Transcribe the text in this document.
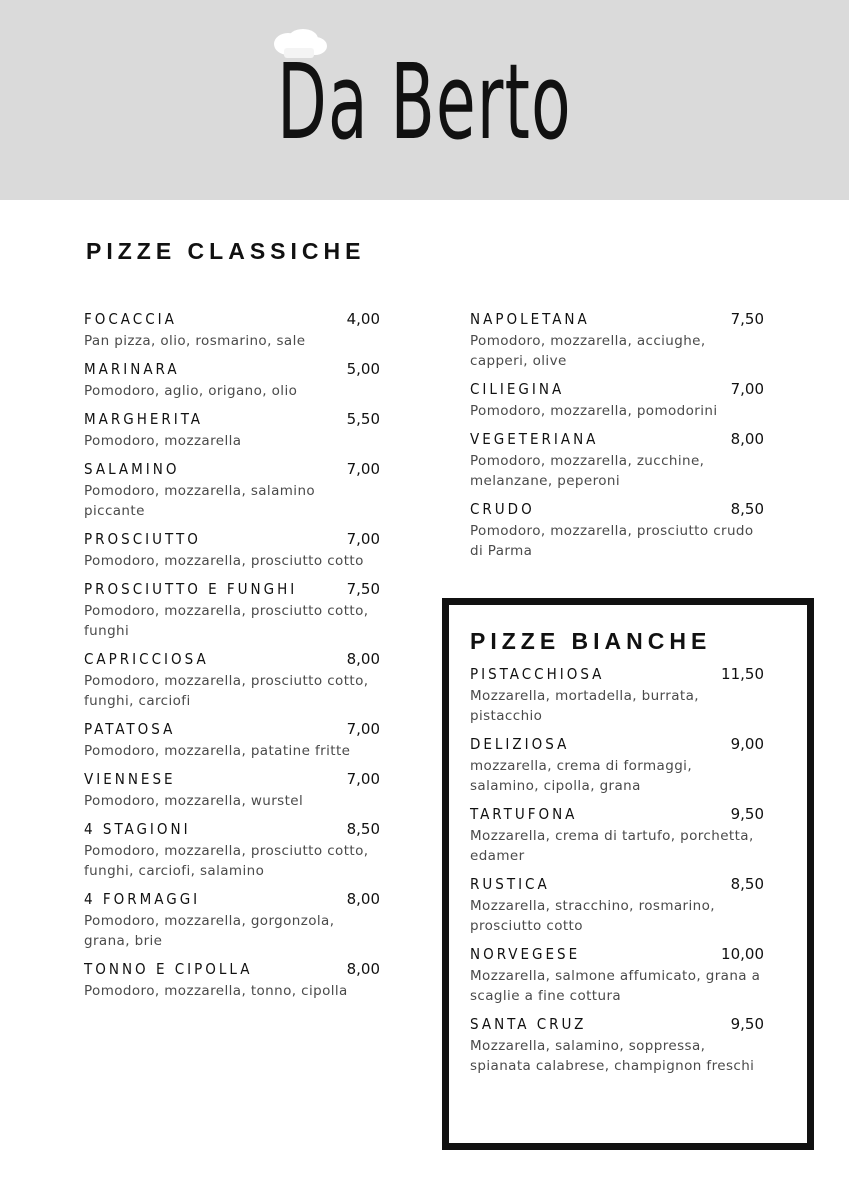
Da Berto
PIZZE CLASSICHE
FOCACCIA	4,00

Pan pizza, olio, rosmarino, sale

MARINARA	5,00

Pomodoro, aglio, origano, olio

MARGHERITA	5,50

Pomodoro, mozzarella

SALAMINO	7,00

Pomodoro, mozzarella, salamino piccante

PROSCIUTTO	7,00

Pomodoro, mozzarella, prosciutto cotto

PROSCIUTTO E FUNGHI	7,50

Pomodoro, mozzarella, prosciutto cotto, funghi

CAPRICCIOSA	8,00

Pomodoro, mozzarella, prosciutto cotto, funghi, carciofi

PATATOSA	7,00

Pomodoro, mozzarella, patatine fritte

VIENNESE	7,00

Pomodoro, mozzarella, wurstel

4 STAGIONI	8,50

Pomodoro, mozzarella, prosciutto cotto, funghi, carciofi, salamino

4 FORMAGGI	8,00

Pomodoro, mozzarella, gorgonzola, grana, brie

TONNO E CIPOLLA	8,00

Pomodoro, mozzarella, tonno, cipolla

NAPOLETANA	7,50

Pomodoro, mozzarella, acciughe, capperi, olive

CILIEGINA	7,00

Pomodoro, mozzarella, pomodorini

VEGETERIANA	8,00

Pomodoro, mozzarella, zucchine, melanzane, peperoni

CRUDO	8,50

Pomodoro, mozzarella, prosciutto crudo di Parma

PIZZE BIANCHE
PISTACCHIOSA	11,50

Mozzarella, mortadella, burrata, pistacchio

DELIZIOSA	9,00

mozzarella, crema di formaggi, salamino, cipolla, grana

TARTUFONA	9,50

Mozzarella, crema di tartufo, porchetta, edamer

RUSTICA	8,50

Mozzarella, stracchino, rosmarino, prosciutto cotto

NORVEGESE	10,00

Mozzarella, salmone affumicato, grana a scaglie a fine cottura

SANTA CRUZ	9,50

Mozzarella, salamino, soppressa, spianata calabrese, champignon freschi
